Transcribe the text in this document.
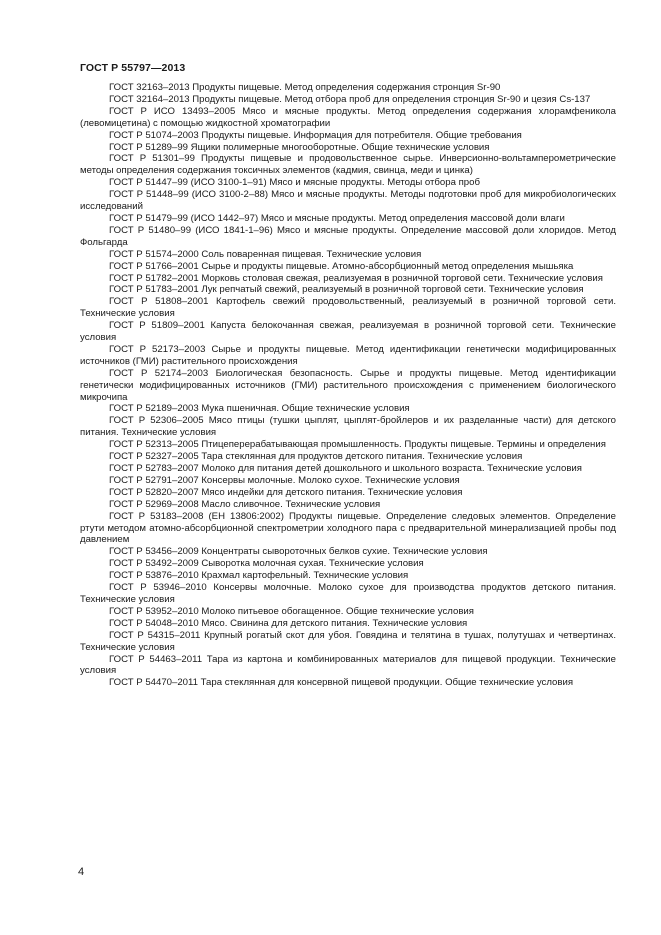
ГОСТ Р 55797—2013

ГОСТ 32163–2013 Продукты пищевые. Метод определения содержания стронция Sr-90

ГОСТ 32164–2013 Продукты пищевые. Метод отбора проб для определения стронция Sr-90 и цезия Cs-137

ГОСТ Р ИСО 13493–2005 Мясо и мясные продукты. Метод определения содержания хлорамфеникола (левомицетина) с помощью жидкостной хроматографии

ГОСТ Р 51074–2003 Продукты пищевые. Информация для потребителя. Общие требования

ГОСТ Р 51289–99 Ящики полимерные многооборотные. Общие технические условия

ГОСТ Р 51301–99 Продукты пищевые и продовольственное сырье. Инверсионно-вольтамперометрические методы определения содержания токсичных элементов (кадмия, свинца, меди и цинка)

ГОСТ Р 51447–99 (ИСО 3100-1–91) Мясо и мясные продукты. Методы отбора проб

ГОСТ Р 51448–99 (ИСО 3100-2–88) Мясо и мясные продукты. Методы подготовки проб для микробиологических исследований

ГОСТ Р 51479–99 (ИСО 1442–97) Мясо и мясные продукты. Метод определения массовой доли влаги

ГОСТ Р 51480–99 (ИСО 1841-1–96) Мясо и мясные продукты. Определение массовой доли хлоридов. Метод Фольгарда

ГОСТ Р 51574–2000 Соль поваренная пищевая. Технические условия

ГОСТ Р 51766–2001 Сырье и продукты пищевые. Атомно-абсорбционный метод определения мышьяка

ГОСТ Р 51782–2001 Морковь столовая свежая, реализуемая в розничной торговой сети. Технические условия

ГОСТ Р 51783–2001 Лук репчатый свежий, реализуемый в розничной торговой сети. Технические условия

ГОСТ Р 51808–2001 Картофель свежий продовольственный, реализуемый в розничной торговой сети. Технические условия

ГОСТ Р 51809–2001 Капуста белокочанная свежая, реализуемая в розничной торговой сети. Технические условия

ГОСТ Р 52173–2003 Сырье и продукты пищевые. Метод идентификации генетически модифицированных источников (ГМИ) растительного происхождения

ГОСТ Р 52174–2003 Биологическая безопасность. Сырье и продукты пищевые. Метод идентификации генетически модифицированных источников (ГМИ) растительного происхождения с применением биологического микрочипа

ГОСТ Р 52189–2003 Мука пшеничная. Общие технические условия

ГОСТ Р 52306–2005 Мясо птицы (тушки цыплят, цыплят-бройлеров и их разделанные части) для детского питания. Технические условия

ГОСТ Р 52313–2005 Птицеперерабатывающая промышленность. Продукты пищевые. Термины и определения

ГОСТ Р 52327–2005 Тара стеклянная для продуктов детского питания. Технические условия

ГОСТ Р 52783–2007 Молоко для питания детей дошкольного и школьного возраста. Технические условия

ГОСТ Р 52791–2007 Консервы молочные. Молоко сухое. Технические условия

ГОСТ Р 52820–2007 Мясо индейки для детского питания. Технические условия

ГОСТ Р 52969–2008 Масло сливочное. Технические условия

ГОСТ Р 53183–2008 (ЕН 13806:2002) Продукты пищевые. Определение следовых элементов. Определение ртути методом атомно-абсорбционной спектрометрии холодного пара с предварительной минерализацией пробы под давлением

ГОСТ Р 53456–2009 Концентраты сывороточных белков сухие. Технические условия

ГОСТ Р 53492–2009 Сыворотка молочная сухая. Технические условия

ГОСТ Р 53876–2010 Крахмал картофельный. Технические условия

ГОСТ Р 53946–2010 Консервы молочные. Молоко сухое для производства продуктов детского питания. Технические условия

ГОСТ Р 53952–2010 Молоко питьевое обогащенное. Общие технические условия

ГОСТ Р 54048–2010 Мясо. Свинина для детского питания. Технические условия

ГОСТ Р 54315–2011 Крупный рогатый скот для убоя. Говядина и телятина в тушах, полутушах и четвертинах. Технические условия

ГОСТ Р 54463–2011 Тара из картона и комбинированных материалов для пищевой продукции. Технические условия

ГОСТ Р 54470–2011 Тара стеклянная для консервной пищевой продукции. Общие технические условия

4
